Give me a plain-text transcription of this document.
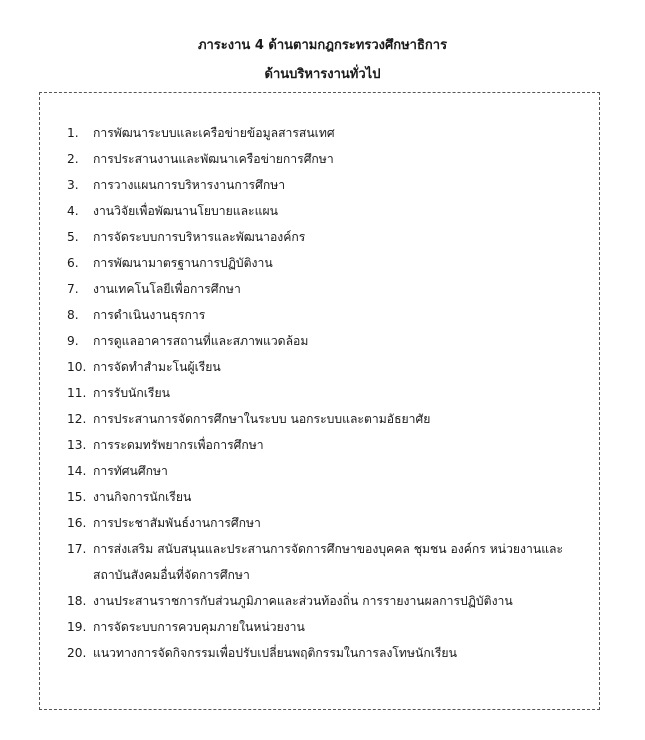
ภาระงาน 4 ด้านตามกฎกระทรวงศึกษาธิการ
ด้านบริหารงานทั่วไป
1.	การพัฒนาระบบและเครือข่ายข้อมูลสารสนเทศ
2.	การประสานงานและพัฒนาเครือข่ายการศึกษา
3.	การวางแผนการบริหารงานการศึกษา
4.	งานวิจัยเพื่อพัฒนานโยบายและแผน
5.	การจัดระบบการบริหารและพัฒนาองค์กร
6.	การพัฒนามาตรฐานการปฏิบัติงาน
7.	งานเทคโนโลยีเพื่อการศึกษา
8.	การดำเนินงานธุรการ
9.	การดูแลอาคารสถานที่และสภาพแวดล้อม
10. การจัดทำสำมะโนผู้เรียน
11. การรับนักเรียน
12. การประสานการจัดการศึกษาในระบบ นอกระบบและตามอัธยาศัย
13. การระดมทรัพยากรเพื่อการศึกษา
14. การทัศนศึกษา
15. งานกิจการนักเรียน
16. การประชาสัมพันธ์งานการศึกษา
17. การส่งเสริม สนับสนุนและประสานการจัดการศึกษาของบุคคล ชุมชน องค์กร หน่วยงานและ
สถาบันสังคมอื่นที่จัดการศึกษา
18. งานประสานราชการกับส่วนภูมิภาคและส่วนท้องถิ่น การรายงานผลการปฏิบัติงาน
19. การจัดระบบการควบคุมภายในหน่วยงาน
20. แนวทางการจัดกิจกรรมเพื่อปรับเปลี่ยนพฤติกรรมในการลงโทษนักเรียน
